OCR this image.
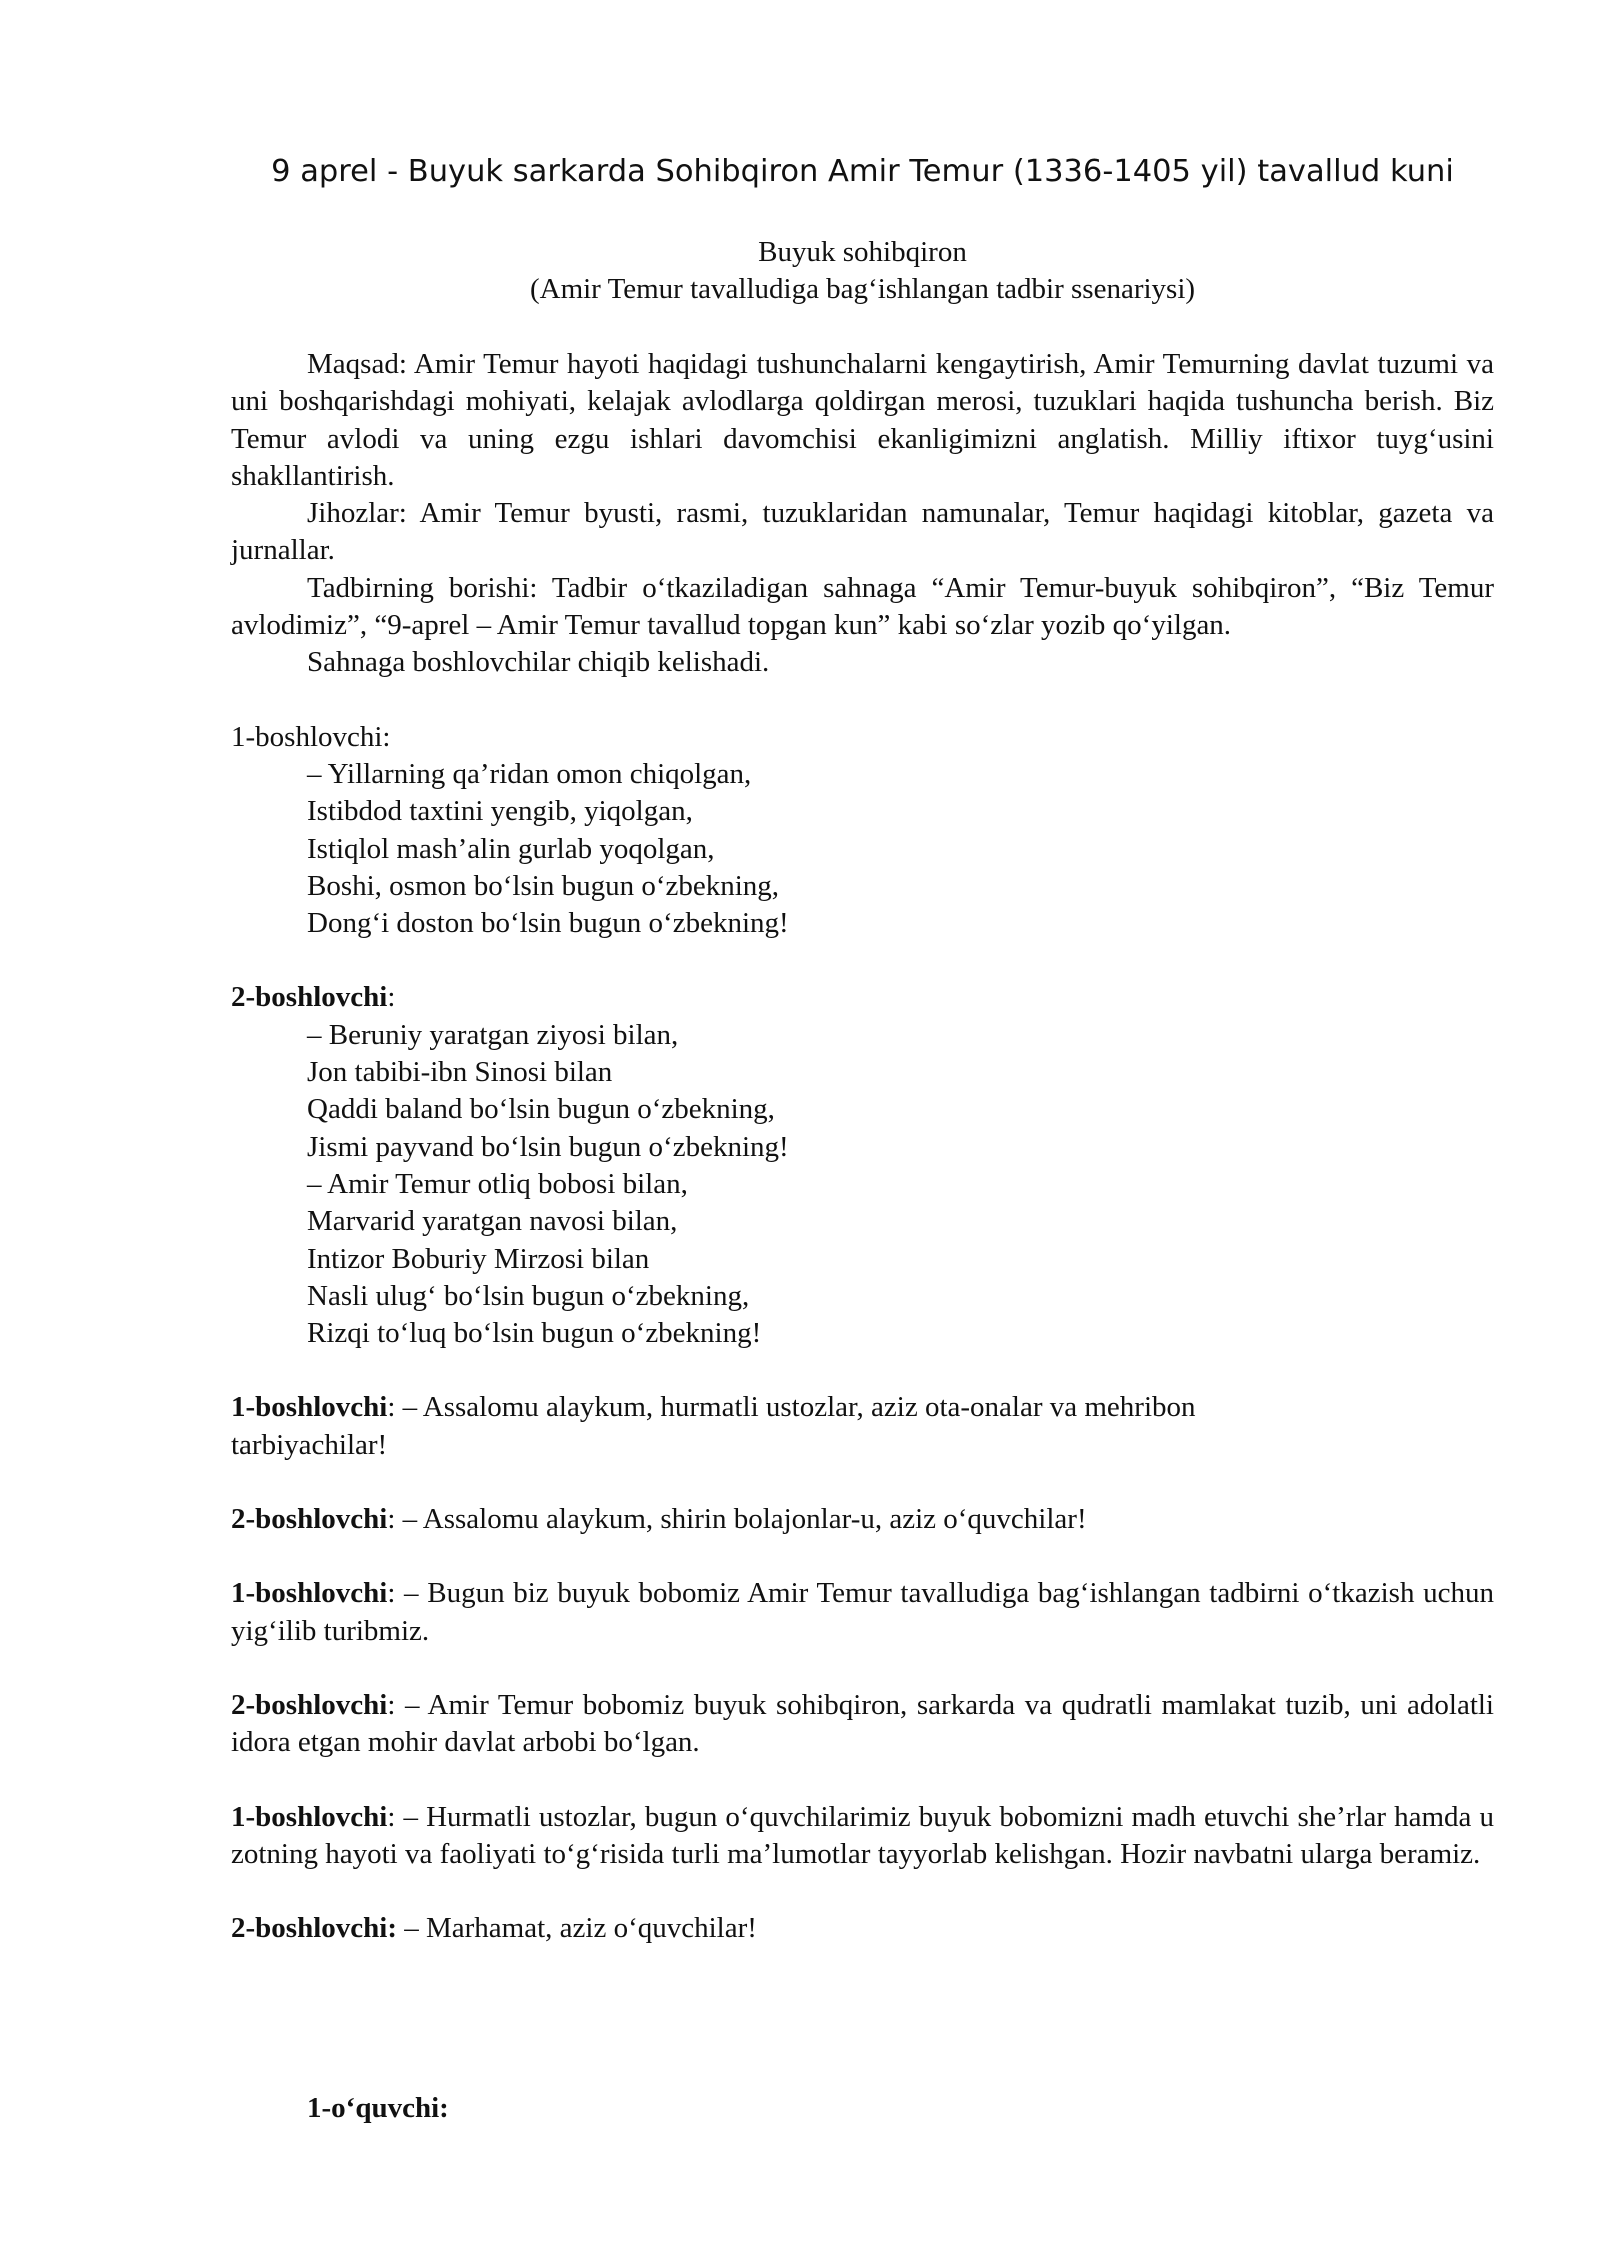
9 aprel - Buyuk sarkarda Sohibqiron Amir Temur (1336-1405 yil) tavallud kuni
Buyuk sohibqiron
(Amir Temur tavalludiga bag‘ishlangan tadbir ssenariysi)

Maqsad: Amir Temur hayoti haqidagi tushunchalarni kengaytirish, Amir Temurning davlat tuzumi va uni boshqarishdagi mohiyati, kelajak avlodlarga qoldirgan merosi, tuzuklari haqida tushuncha berish. Biz Temur avlodi va uning ezgu ishlari davomchisi ekanligimizni anglatish. Milliy iftixor tuyg‘usini shakllantirish.

Jihozlar: Amir Temur byusti, rasmi, tuzuklaridan namunalar, Temur haqidagi kitoblar, gazeta va jurnallar.

Tadbirning borishi: Tadbir o‘tkaziladigan sahnaga “Amir Temur-buyuk sohibqiron”, “Biz Temur avlodimiz”, “9-aprel – Amir Temur tavallud topgan kun” kabi so‘zlar yozib qo‘yilgan.

Sahnaga boshlovchilar chiqib kelishadi.

1-boshlovchi:

– Yillarning qa’ridan omon chiqolgan,
Istibdod taxtini yengib, yiqolgan,
Istiqlol mash’alin gurlab yoqolgan,
Boshi, osmon bo‘lsin bugun o‘zbekning,
Dong‘i doston bo‘lsin bugun o‘zbekning!

2-boshlovchi:

– Beruniy yaratgan ziyosi bilan,
Jon tabibi-ibn Sinosi bilan
Qaddi baland bo‘lsin bugun o‘zbekning,
Jismi payvand bo‘lsin bugun o‘zbekning!
– Amir Temur otliq bobosi bilan,
Marvarid yaratgan navosi bilan,
Intizor Boburiy Mirzosi bilan
Nasli ulug‘ bo‘lsin bugun o‘zbekning,
Rizqi to‘luq bo‘lsin bugun o‘zbekning!

1-boshlovchi: – Assalomu alaykum, hurmatli ustozlar, aziz ota-onalar va mehribon

tarbiyachilar!

2-boshlovchi: – Assalomu alaykum, shirin bolajonlar-u, aziz o‘quvchilar!

1-boshlovchi: – Bugun biz buyuk bobomiz Amir Temur tavalludiga bag‘ishlangan tadbirni o‘tkazish uchun yig‘ilib turibmiz.

2-boshlovchi: – Amir Temur bobomiz buyuk sohibqiron, sarkarda va qudratli mamlakat tuzib, uni adolatli idora etgan mohir davlat arbobi bo‘lgan.

1-boshlovchi: – Hurmatli ustozlar, bugun o‘quvchilarimiz buyuk bobomizni madh etuvchi she’rlar hamda u zotning hayoti va faoliyati to‘g‘risida turli ma’lumotlar tayyorlab kelishgan. Hozir navbatni ularga beramiz.

2-boshlovchi: – Marhamat, aziz o‘quvchilar!

1-o‘quvchi:
